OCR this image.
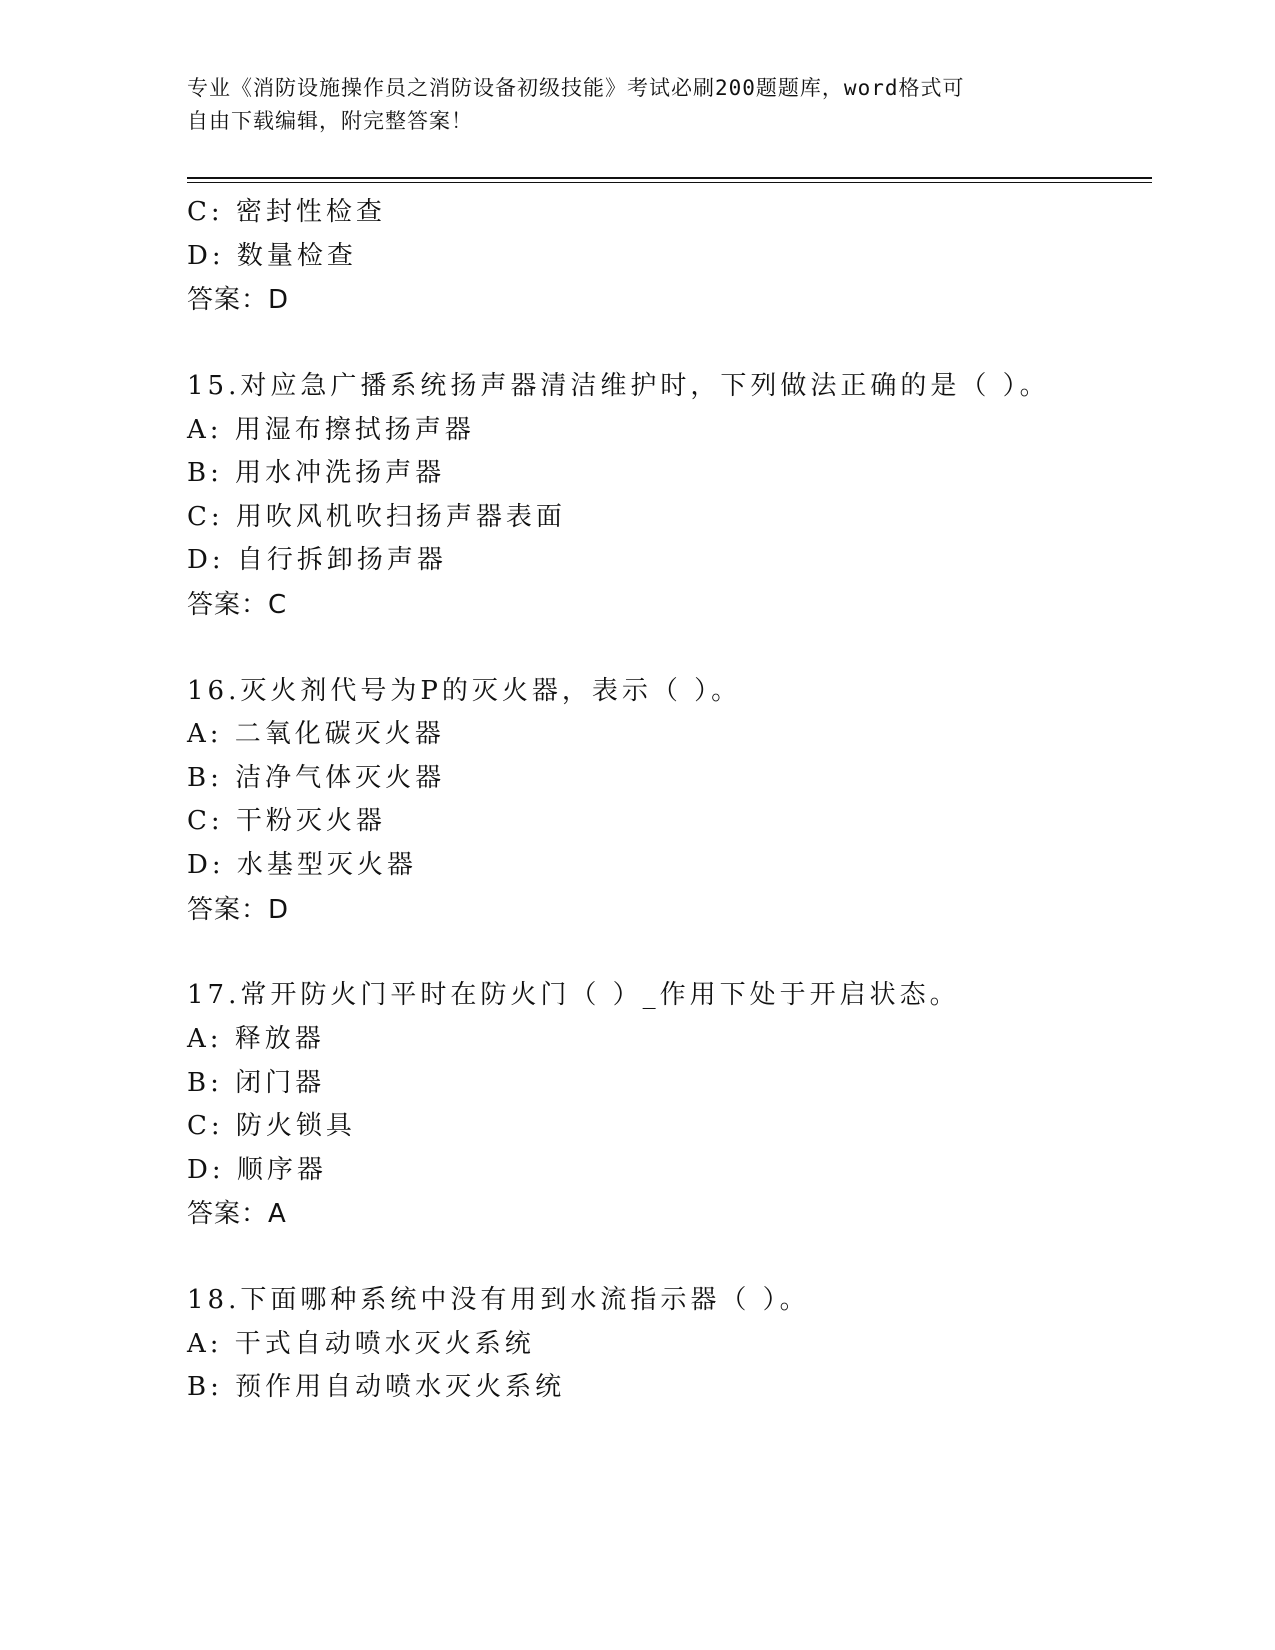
专业《消防设施操作员之消防设备初级技能》考试必刷200题题库，word格式可
自由下载编辑，附完整答案！
C: 密封性检查
D: 数量检查
答案：D
15.对应急广播系统扬声器清洁维护时，下列做法正确的是（ ）。
A: 用湿布擦拭扬声器
B: 用水冲洗扬声器
C: 用吹风机吹扫扬声器表面
D: 自行拆卸扬声器
答案：C
16.灭火剂代号为P的灭火器，表示（ ）。
A: 二氧化碳灭火器
B: 洁净气体灭火器
C: 干粉灭火器
D: 水基型灭火器
答案：D
17.常开防火门平时在防火门（ ）_作用下处于开启状态。
A: 释放器
B: 闭门器
C: 防火锁具
D: 顺序器
答案：A
18.下面哪种系统中没有用到水流指示器（ ）。
A: 干式自动喷水灭火系统
B: 预作用自动喷水灭火系统
